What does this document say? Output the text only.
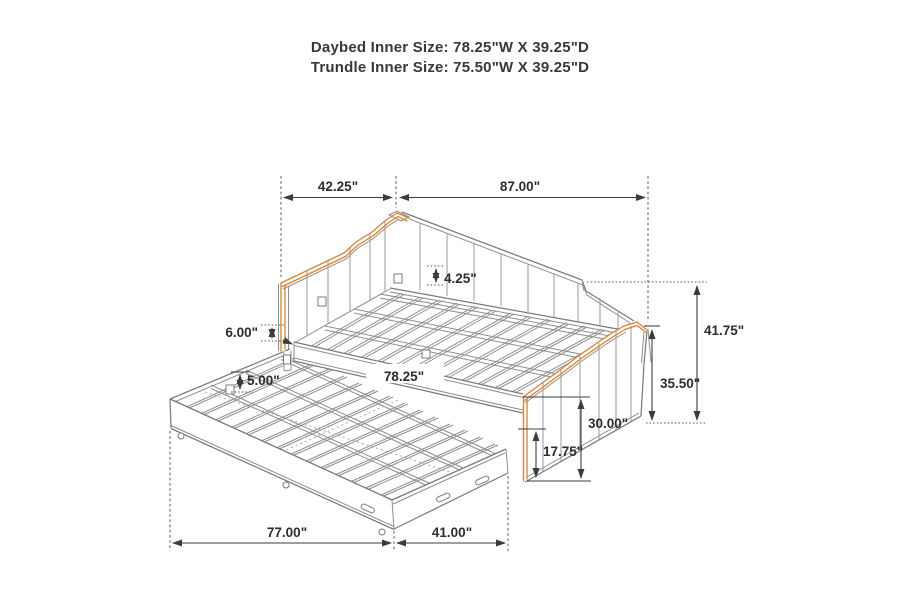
Daybed Inner Size: 78.25"W X 39.25"D
Trundle Inner Size: 75.50"W X 39.25"D
42.25"	87.00"
4.25"
6.00"
78.25"
5.00"
41.75"
35.50"
30.00"
17.75"
77.00"	41.00"
